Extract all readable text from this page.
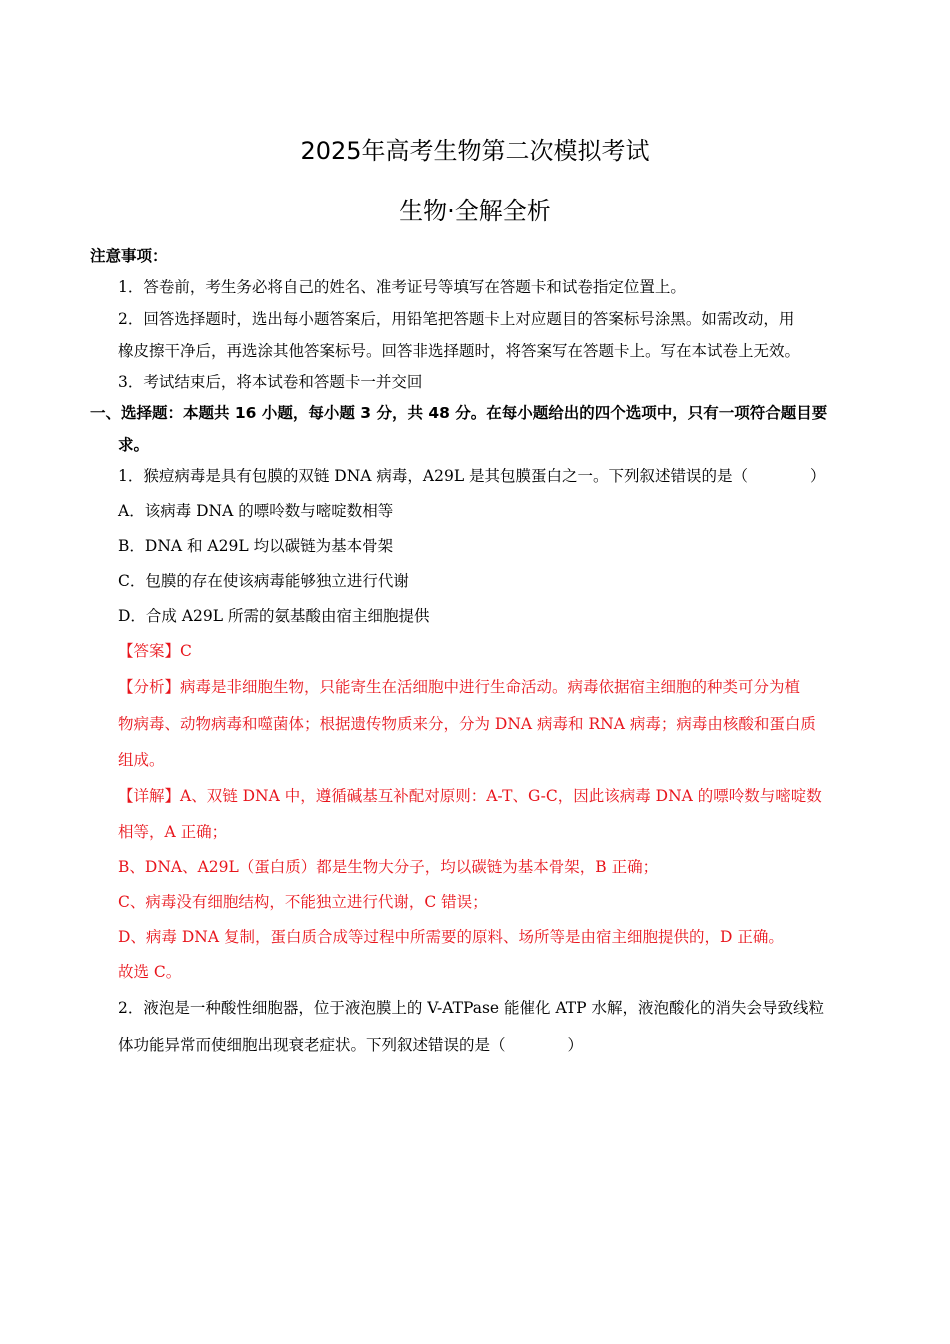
2025年高考生物第二次模拟考试
生物·全解全析
注意事项：
1．答卷前，考生务必将自己的姓名、准考证号等填写在答题卡和试卷指定位置上。
2．回答选择题时，选出每小题答案后，用铅笔把答题卡上对应题目的答案标号涂黑。如需改动，用
橡皮擦干净后，再选涂其他答案标号。回答非选择题时，将答案写在答题卡上。写在本试卷上无效。
3．考试结束后，将本试卷和答题卡一并交回
一、选择题：本题共 16 小题，每小题 3 分，共 48 分。在每小题给出的四个选项中，只有一项符合题目要
求。
1．猴痘病毒是具有包膜的双链 DNA 病毒，A29L 是其包膜蛋白之一。下列叙述错误的是（　　　　）
A．该病毒 DNA 的嘌呤数与嘧啶数相等
B．DNA 和 A29L 均以碳链为基本骨架
C．包膜的存在使该病毒能够独立进行代谢
D．合成 A29L 所需的氨基酸由宿主细胞提供
【答案】C
【分析】病毒是非细胞生物，只能寄生在活细胞中进行生命活动。病毒依据宿主细胞的种类可分为植
物病毒、动物病毒和噬菌体；根据遗传物质来分，分为 DNA 病毒和 RNA 病毒；病毒由核酸和蛋白质
组成。
【详解】A、双链 DNA 中，遵循碱基互补配对原则：A-T、G-C，因此该病毒 DNA 的嘌呤数与嘧啶数
相等，A 正确；
B、DNA、A29L（蛋白质）都是生物大分子，均以碳链为基本骨架，B 正确；
C、病毒没有细胞结构，不能独立进行代谢，C 错误；
D、病毒 DNA 复制，蛋白质合成等过程中所需要的原料、场所等是由宿主细胞提供的，D 正确。
故选 C。
2．液泡是一种酸性细胞器，位于液泡膜上的 V-ATPase 能催化 ATP 水解，液泡酸化的消失会导致线粒
体功能异常而使细胞出现衰老症状。下列叙述错误的是（　　　　）
